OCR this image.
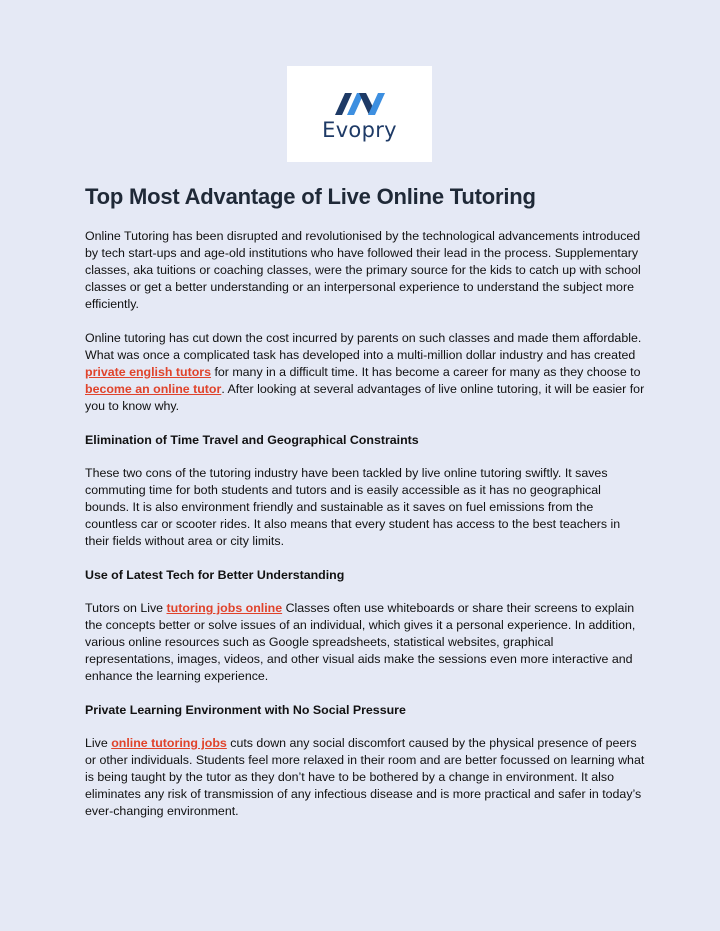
Evopry
Top Most Advantage of Live Online Tutoring

Online Tutoring has been disrupted and revolutionised by the technological advancements introduced by tech start-ups and age-old institutions who have followed their lead in the process. Supplementary classes, aka tuitions or coaching classes, were the primary source for the kids to catch up with school classes or get a better understanding or an interpersonal experience to understand the subject more efficiently.

Online tutoring has cut down the cost incurred by parents on such classes and made them affordable. What was once a complicated task has developed into a multi-million dollar industry and has created private english tutors for many in a difficult time. It has become a career for many as they choose to become an online tutor. After looking at several advantages of live online tutoring, it will be easier for you to know why.

Elimination of Time Travel and Geographical Constraints

These two cons of the tutoring industry have been tackled by live online tutoring swiftly. It saves commuting time for both students and tutors and is easily accessible as it has no geographical bounds. It is also environment friendly and sustainable as it saves on fuel emissions from the countless car or scooter rides. It also means that every student has access to the best teachers in their fields without area or city limits.

Use of Latest Tech for Better Understanding

Tutors on Live tutoring jobs online Classes often use whiteboards or share their screens to explain the concepts better or solve issues of an individual, which gives it a personal experience. In addition, various online resources such as Google spreadsheets, statistical websites, graphical representations, images, videos, and other visual aids make the sessions even more interactive and enhance the learning experience.

Private Learning Environment with No Social Pressure

Live online tutoring jobs cuts down any social discomfort caused by the physical presence of peers or other individuals. Students feel more relaxed in their room and are better focussed on learning what is being taught by the tutor as they don’t have to be bothered by a change in environment. It also eliminates any risk of transmission of any infectious disease and is more practical and safer in today’s ever-changing environment.
